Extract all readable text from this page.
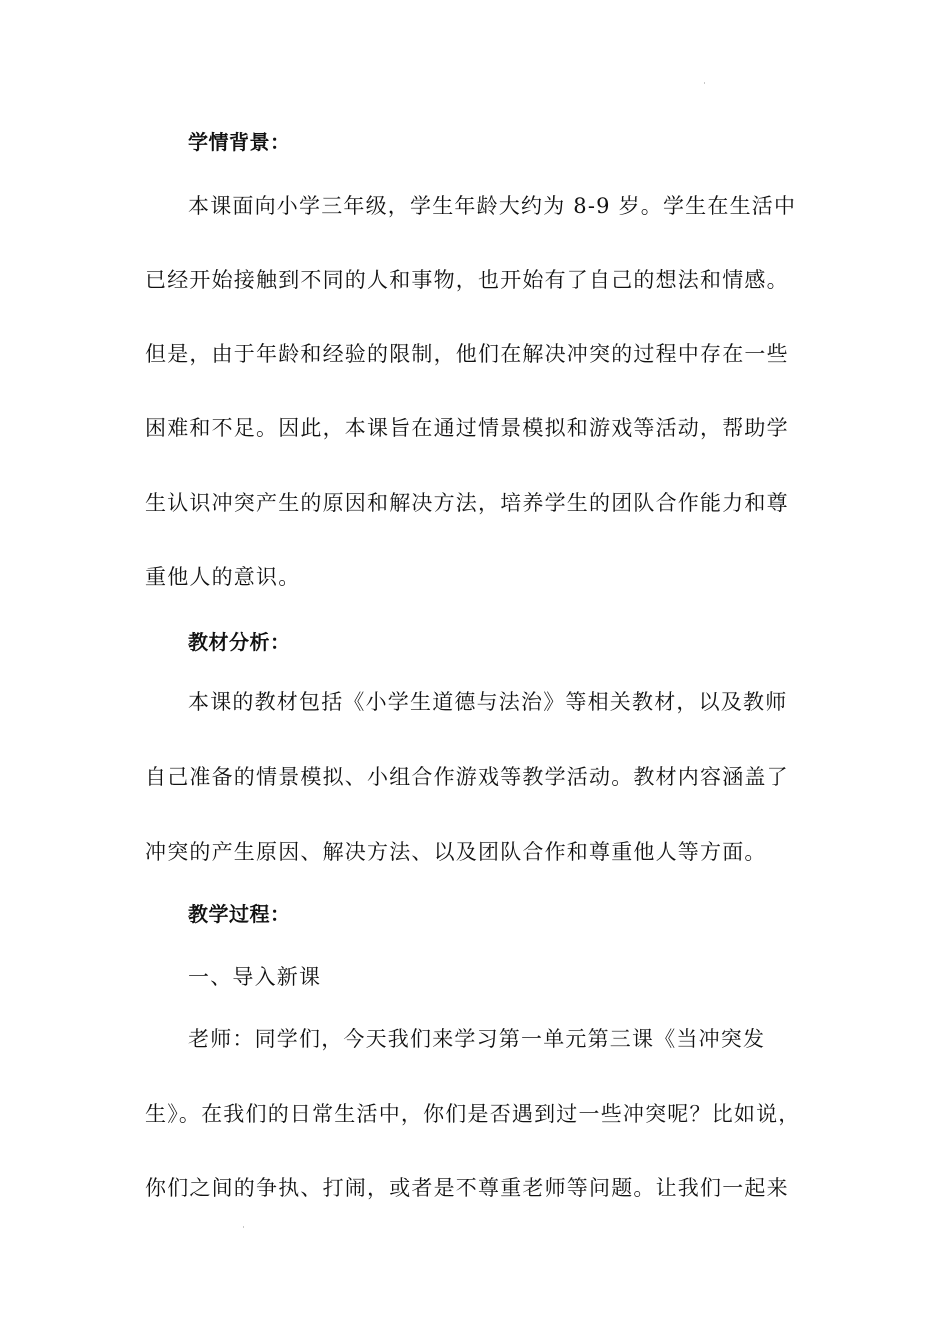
学情背景：
本课面向小学三年级，学生年龄大约为 8-9 岁。学生在生活中
已经开始接触到不同的人和事物，也开始有了自己的想法和情感。
但是，由于年龄和经验的限制，他们在解决冲突的过程中存在一些
困难和不足。因此，本课旨在通过情景模拟和游戏等活动，帮助学
生认识冲突产生的原因和解决方法，培养学生的团队合作能力和尊
重他人的意识。
教材分析：
本课的教材包括《小学生道德与法治》等相关教材，以及教师
自己准备的情景模拟、小组合作游戏等教学活动。教材内容涵盖了
冲突的产生原因、解决方法、以及团队合作和尊重他人等方面。
教学过程：
一、导入新课
老师：同学们，今天我们来学习第一单元第三课《当冲突发
生》。在我们的日常生活中，你们是否遇到过一些冲突呢？比如说，
你们之间的争执、打闹，或者是不尊重老师等问题。让我们一起来
